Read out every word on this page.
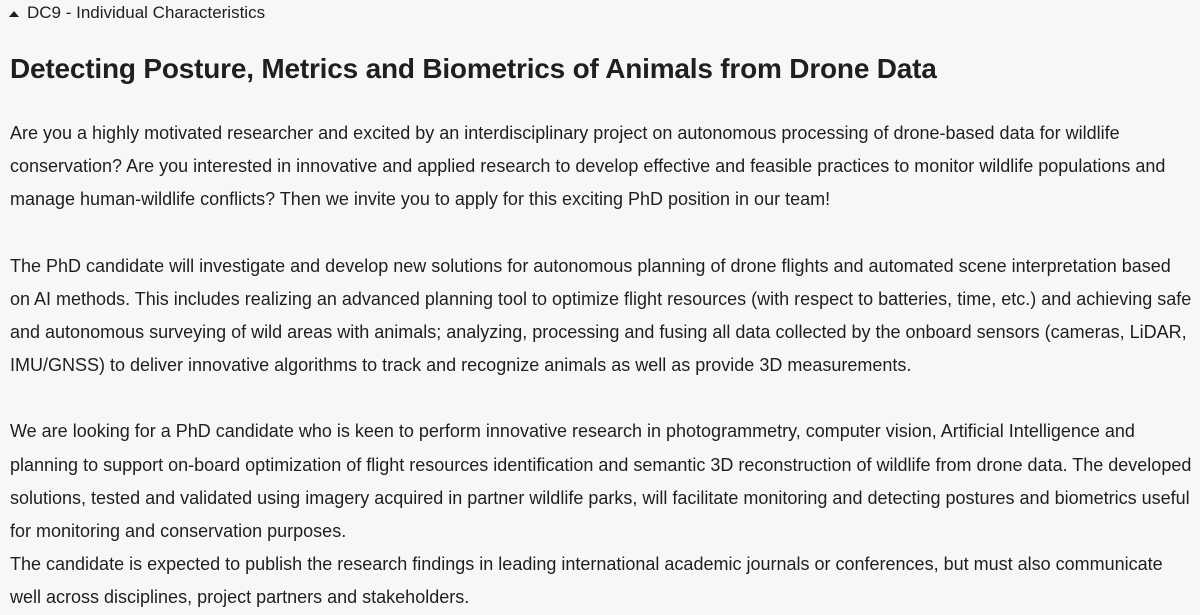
DC9 - Individual Characteristics
Detecting Posture, Metrics and Biometrics of Animals from Drone Data

Are you a highly motivated researcher and excited by an interdisciplinary project on autonomous processing of drone-based data for wildlife conservation? Are you interested in innovative and applied research to develop effective and feasible practices to monitor wildlife populations and manage human-wildlife conflicts? Then we invite you to apply for this exciting PhD position in our team!

The PhD candidate will investigate and develop new solutions for autonomous planning of drone flights and automated scene interpretation based on AI methods. This includes realizing an advanced planning tool to optimize flight resources (with respect to batteries, time, etc.) and achieving safe and autonomous surveying of wild areas with animals; analyzing, processing and fusing all data collected by the onboard sensors (cameras, LiDAR, IMU/GNSS) to deliver innovative algorithms to track and recognize animals as well as provide 3D measurements.

We are looking for a PhD candidate who is keen to perform innovative research in photogrammetry, computer vision, Artificial Intelligence and planning to support on-board optimization of flight resources identification and semantic 3D reconstruction of wildlife from drone data. The developed solutions, tested and validated using imagery acquired in partner wildlife parks, will facilitate monitoring and detecting postures and biometrics useful for monitoring and conservation purposes.

The candidate is expected to publish the research findings in leading international academic journals or conferences, but must also communicate well across disciplines, project partners and stakeholders.
